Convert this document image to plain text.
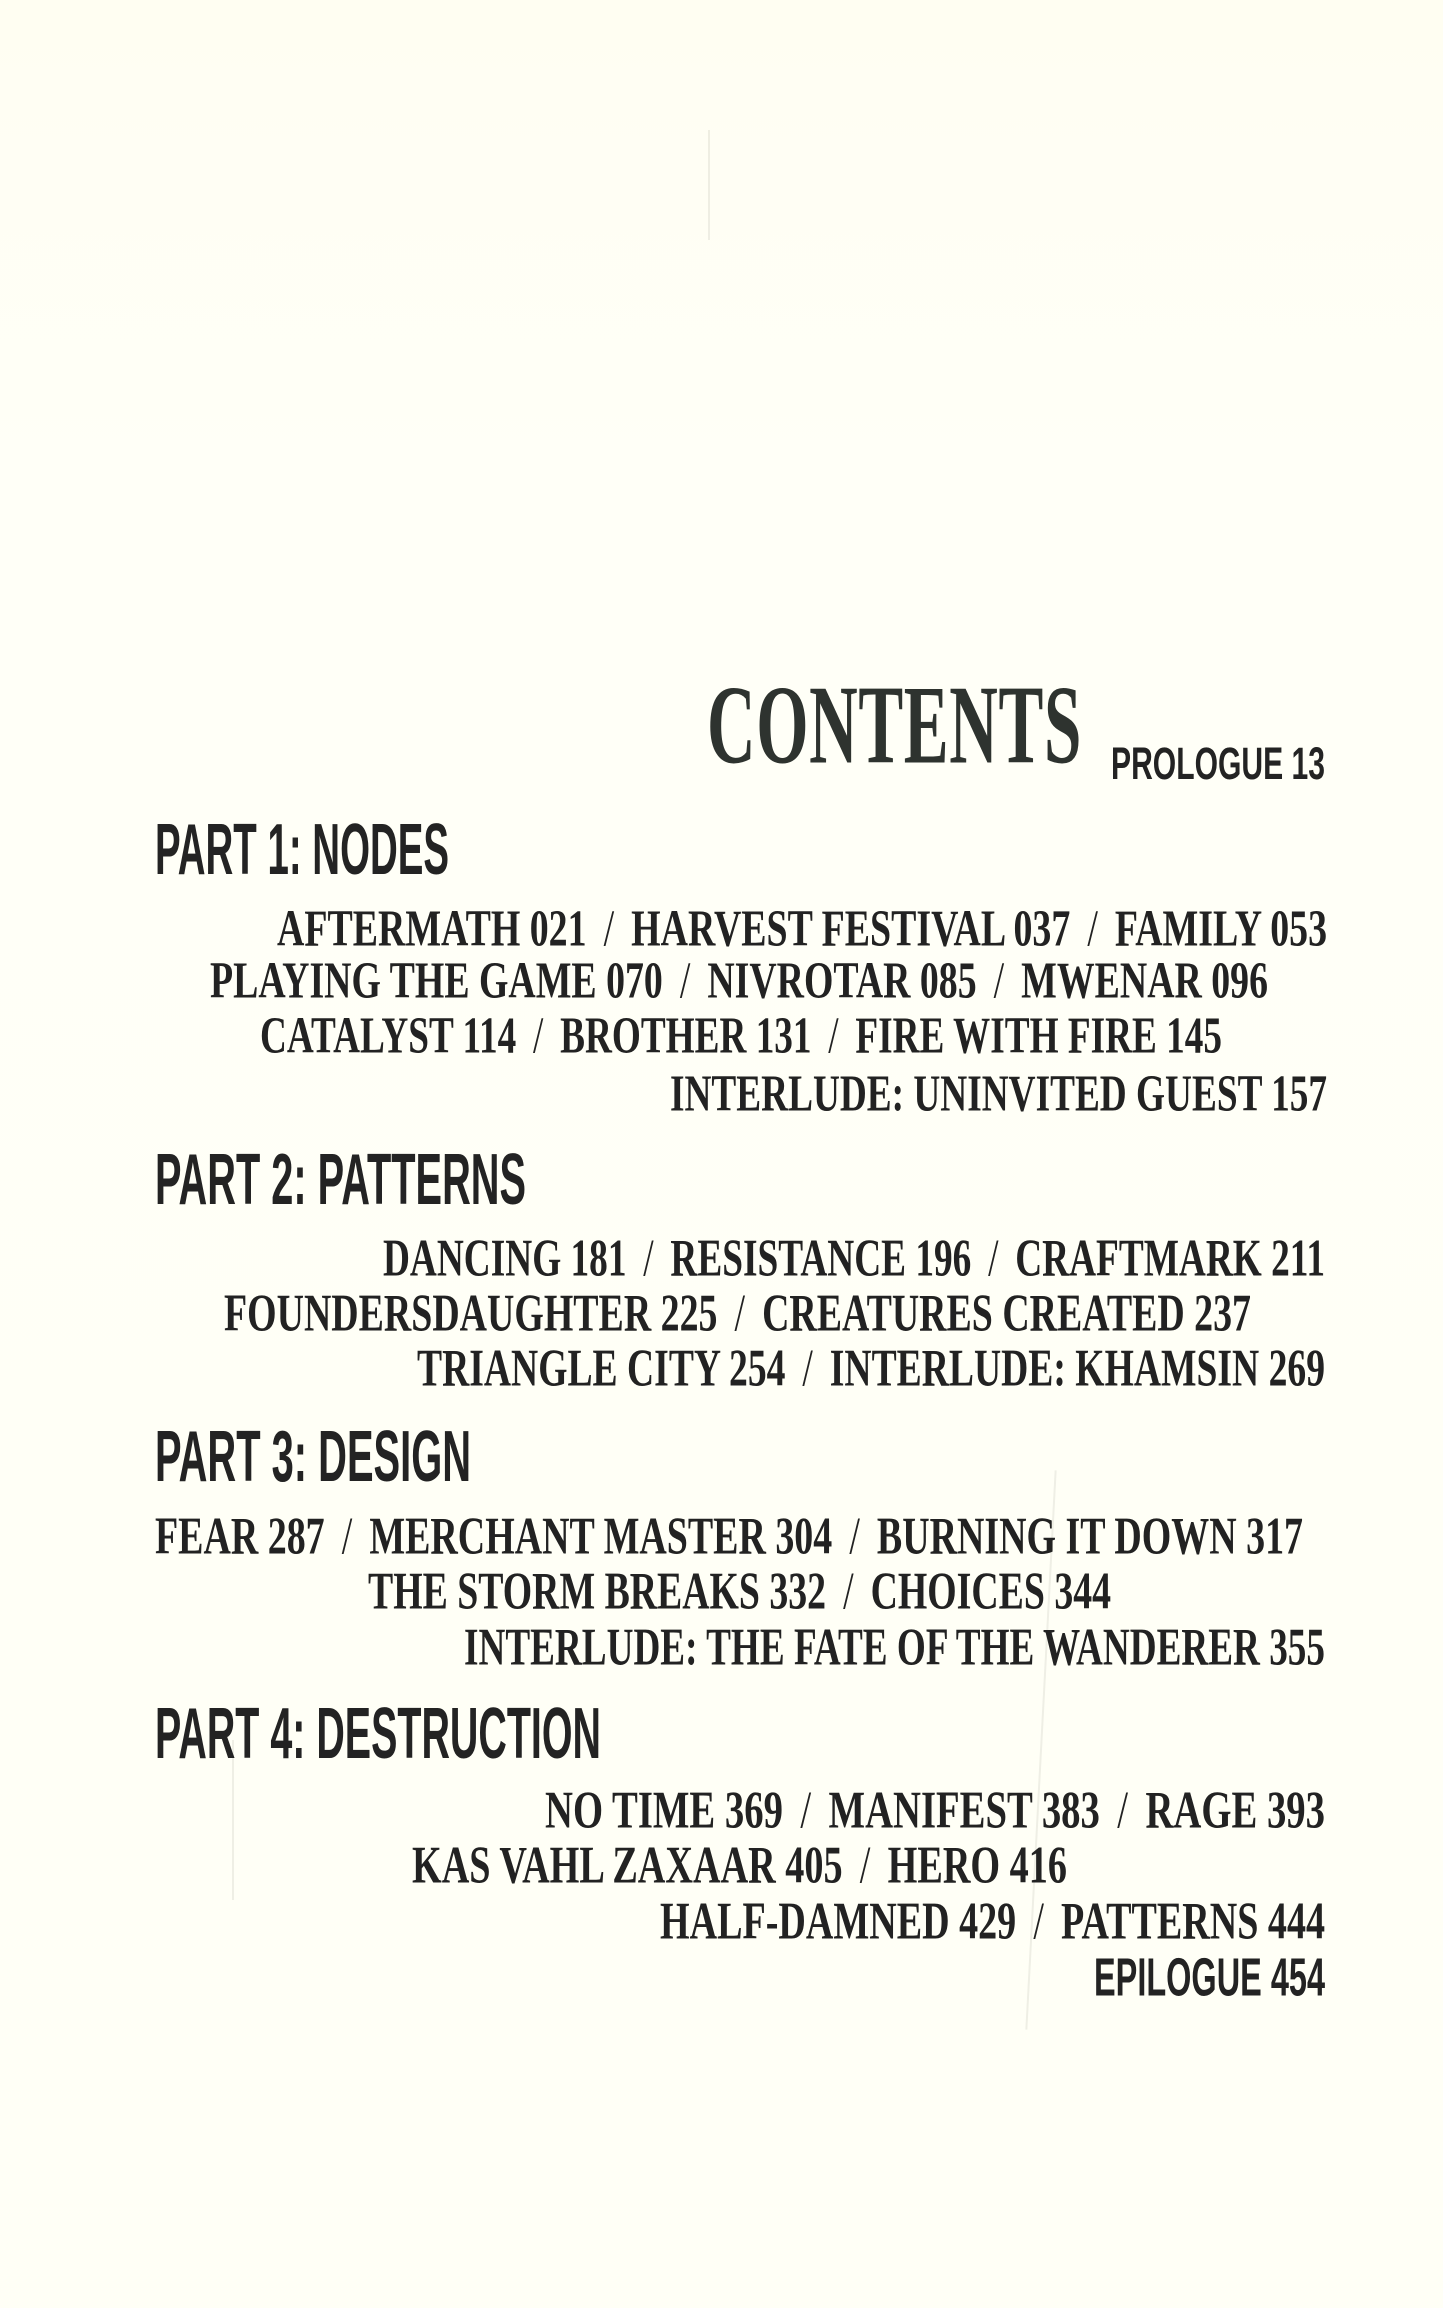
CONTENTS PROLOGUE 13
PART 1: NODES
AFTERMATH 021 / HARVEST FESTIVAL 037 / FAMILY 053
PLAYING THE GAME 070 / NIVROTAR 085 / MWENAR 096
CATALYST 114 / BROTHER 131 / FIRE WITH FIRE 145
INTERLUDE: UNINVITED GUEST 157
PART 2: PATTERNS
DANCING 181 / RESISTANCE 196 / CRAFTMARK 211
FOUNDERSDAUGHTER 225 / CREATURES CREATED 237
TRIANGLE CITY 254 / INTERLUDE: KHAMSIN 269
PART 3: DESIGN
FEAR 287 / MERCHANT MASTER 304 / BURNING IT DOWN 317
THE STORM BREAKS 332 / CHOICES 344
INTERLUDE: THE FATE OF THE WANDERER 355
PART 4: DESTRUCTION
NO TIME 369 / MANIFEST 383 / RAGE 393
KAS VAHL ZAXAAR 405 / HERO 416
HALF-DAMNED 429 / PATTERNS 444
EPILOGUE 454
